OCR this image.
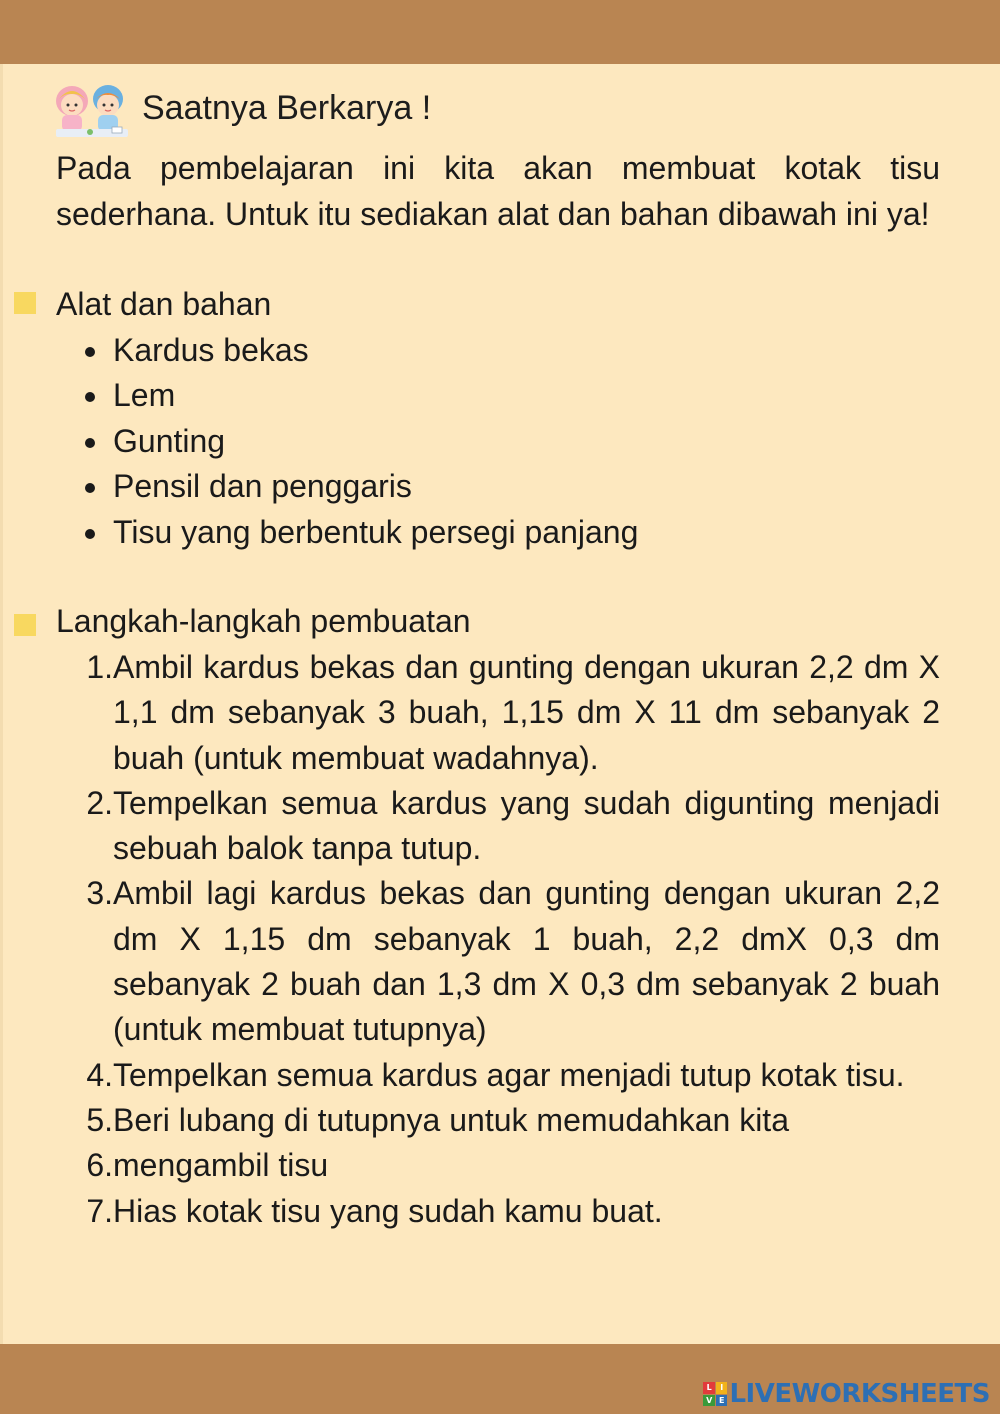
Saatnya Berkarya !

Pada pembelajaran ini kita akan membuat kotak tisu sederhana. Untuk itu sediakan alat dan bahan dibawah ini ya!

Alat dan bahan
Kardus bekas
Lem
Gunting
Pensil dan penggaris
Tisu yang berbentuk persegi panjang
Langkah-langkah pembuatan
1. Ambil kardus bekas dan gunting dengan ukuran 2,2 dm X 1,1 dm sebanyak 3 buah, 1,15 dm X 11 dm sebanyak 2 buah (untuk membuat wadahnya).
2. Tempelkan semua kardus yang sudah digunting menjadi sebuah balok tanpa tutup.
3. Ambil lagi kardus bekas dan gunting dengan ukuran 2,2 dm X 1,15 dm sebanyak 1 buah, 2,2 dmX 0,3 dm sebanyak 2 buah dan 1,3 dm X 0,3 dm sebanyak 2 buah (untuk membuat tutupnya)
4. Tempelkan semua kardus agar menjadi tutup kotak tisu.
5. Beri lubang di tutupnya untuk memudahkan kita
6. mengambil tisu
7. Hias kotak tisu yang sudah kamu buat.
L	I
V E LIVEWORKSHEETS
